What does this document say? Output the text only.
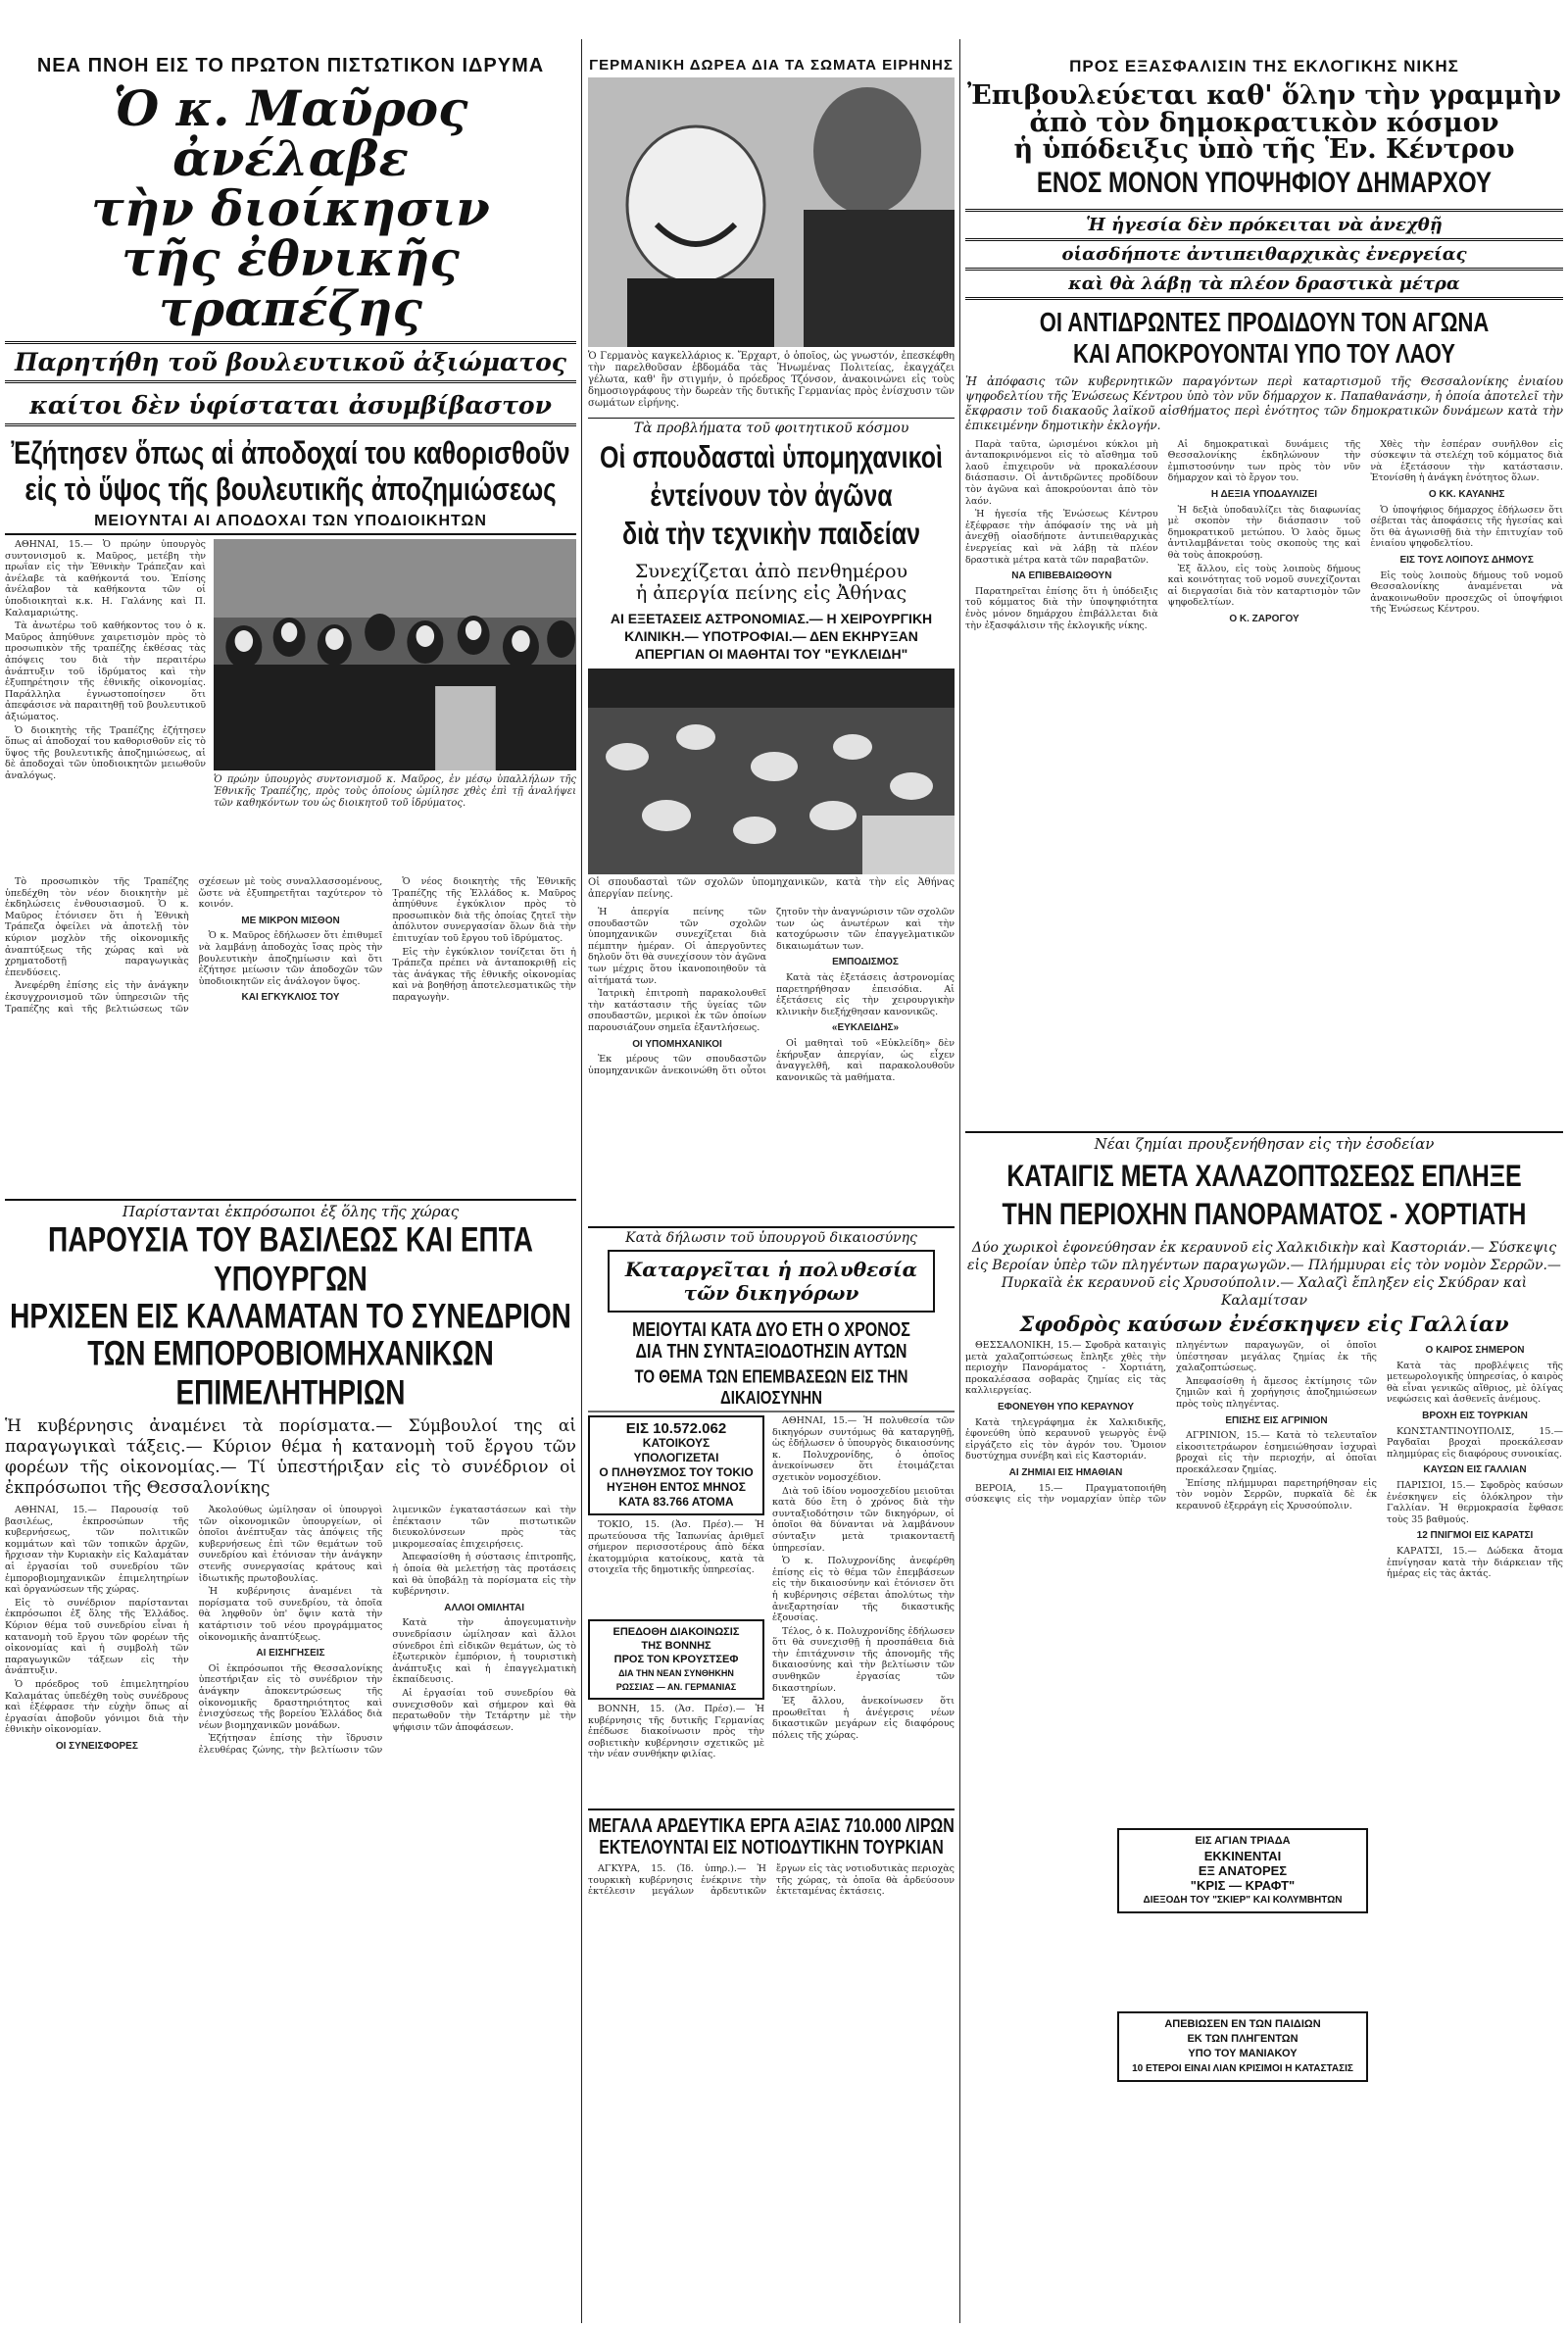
ΝΕΑ ΠΝΟΗ ΕΙΣ ΤΟ ΠΡΩΤΟΝ ΠΙΣΤΩΤΙΚΟΝ ΙΔΡΥΜΑ
Ὁ κ. Μαῦρος ἀνέλαβε
τὴν διοίκησιν
τῆς ἐθνικῆς τραπέζης
Παρητήθη τοῦ βουλευτικοῦ ἀξιώματος
καίτοι δὲν ὑφίσταται ἀσυμβίβαστον
Ἐζήτησεν ὅπως αἱ ἀποδοχαί του καθορισθοῦν
εἰς τὸ ὕψος τῆς βουλευτικῆς ἀποζημιώσεως
ΜΕΙΟΥΝΤΑΙ ΑΙ ΑΠΟΔΟΧΑΙ ΤΩΝ ΥΠΟΔΙΟΙΚΗΤΩΝ

ΑΘΗΝΑΙ, 15.— Ὁ πρώην ὑπουργὸς συντονισμοῦ κ. Μαῦρος, μετέβη τὴν πρωΐαν εἰς τὴν Ἐθνικὴν Τράπεζαν καὶ ἀνέλαβε τὰ καθήκοντά του. Ἐπίσης ἀνέλαβον τὰ καθήκοντα τῶν οἱ ὑποδιοικηταὶ κ.κ. Η. Γαλάνης καὶ Π. Καλαμαριώτης.

Τὰ ἀνωτέρω τοῦ καθήκοντος του ὁ κ. Μαῦρος ἀπηύθυνε χαιρετισμὸν πρὸς τὸ προσωπικὸν τῆς τραπέζης ἐκθέσας τὰς ἀπόψεις του διὰ τὴν περαιτέρω ἀνάπτυξιν τοῦ ἱδρύματος καὶ τὴν ἐξυπηρέτησιν τῆς ἐθνικῆς οἰκονομίας. Παράλληλα ἐγνωστοποίησεν ὅτι ἀπεφάσισε νὰ παραιτηθῇ τοῦ βουλευτικοῦ ἀξιώματος.

Ὁ διοικητὴς τῆς Τραπέζης ἐζήτησεν ὅπως αἱ ἀποδοχαί του καθορισθοῦν εἰς τὸ ὕψος τῆς βουλευτικῆς ἀποζημιώσεως, αἱ δὲ ἀποδοχαὶ τῶν ὑποδιοικητῶν μειωθοῦν ἀναλόγως.	Ὁ πρώην ὑπουργὸς συντονισμοῦ κ. Μαῦρος, ἐν μέσῳ ὑπαλλήλων τῆς Ἐθνικῆς Τραπέζης, πρὸς τοὺς ὁποίους ὡμίλησε χθὲς ἐπὶ τῇ ἀναλήψει τῶν καθηκόντων του ὡς διοικητοῦ τοῦ ἱδρύματος.

Τὸ προσωπικὸν τῆς Τραπέζης ὑπεδέχθη τὸν νέον διοικητὴν μὲ ἐκδηλώσεις ἐνθουσιασμοῦ. Ὁ κ. Μαῦρος ἐτόνισεν ὅτι ἡ Ἐθνικὴ Τράπεζα ὀφείλει νὰ ἀποτελῇ τὸν κύριον μοχλὸν τῆς οἰκονομικῆς ἀναπτύξεως τῆς χώρας καὶ νὰ χρηματοδοτῇ παραγωγικὰς ἐπενδύσεις.

Ἀνεφέρθη ἐπίσης εἰς τὴν ἀνάγκην ἐκσυγχρονισμοῦ τῶν ὑπηρεσιῶν τῆς Τραπέζης καὶ τῆς βελτιώσεως τῶν σχέσεων μὲ τοὺς συναλλασσομένους, ὥστε νὰ ἐξυπηρετῆται ταχύτερον τὸ κοινόν.

ΜΕ ΜΙΚΡΟΝ ΜΙΣΘΟΝ

Ὁ κ. Μαῦρος ἐδήλωσεν ὅτι ἐπιθυμεῖ νὰ λαμβάνῃ ἀποδοχὰς ἴσας πρὸς τὴν βουλευτικὴν ἀποζημίωσιν καὶ ὅτι ἐζήτησε μείωσιν τῶν ἀποδοχῶν τῶν ὑποδιοικητῶν εἰς ἀνάλογον ὕψος.

ΚΑΙ ΕΓΚΥΚΛΙΟΣ ΤΟΥ

Ὁ νέος διοικητὴς τῆς Ἐθνικῆς Τραπέζης τῆς Ἑλλάδος κ. Μαῦρος ἀπηύθυνε ἐγκύκλιον πρὸς τὸ προσωπικὸν διὰ τῆς ὁποίας ζητεῖ τὴν ἀπόλυτον συνεργασίαν ὅλων διὰ τὴν ἐπιτυχίαν τοῦ ἔργου τοῦ ἱδρύματος.

Εἰς τὴν ἐγκύκλιον τονίζεται ὅτι ἡ Τράπεζα πρέπει νὰ ἀνταποκριθῇ εἰς τὰς ἀνάγκας τῆς ἐθνικῆς οἰκονομίας καὶ νὰ βοηθήσῃ ἀποτελεσματικῶς τὴν παραγωγὴν.

Παρίστανται ἐκπρόσωποι ἐξ ὅλης τῆς χώρας
ΠΑΡΟΥΣΙΑ ΤΟΥ ΒΑΣΙΛΕΩΣ ΚΑΙ ΕΠΤΑ ΥΠΟΥΡΓΩΝ
ΗΡΧΙΣΕΝ ΕΙΣ ΚΑΛΑΜΑΤΑΝ ΤΟ ΣΥΝΕΔΡΙΟΝ
ΤΩΝ ΕΜΠΟΡΟΒΙΟΜΗΧΑΝΙΚΩΝ ΕΠΙΜΕΛΗΤΗΡΙΩΝ
Ἡ κυβέρνησις ἀναμένει τὰ πορίσματα.— Σύμβουλοί της αἱ παραγωγικαὶ τάξεις.— Κύριον θέμα ἡ κατανομὴ τοῦ ἔργου τῶν φορέων τῆς οἰκονομίας.— Τί ὑπεστήριξαν εἰς τὸ συνέδριον οἱ ἐκπρόσωποι τῆς Θεσσαλονίκης

ΑΘΗΝΑΙ, 15.— Παρουσίᾳ τοῦ βασιλέως, ἐκπροσώπων τῆς κυβερνήσεως, τῶν πολιτικῶν κομμάτων καὶ τῶν τοπικῶν ἀρχῶν, ἤρχισαν τὴν Κυριακὴν εἰς Καλαμάταν αἱ ἐργασίαι τοῦ συνεδρίου τῶν ἐμποροβιομηχανικῶν ἐπιμελητηρίων καὶ ὀργανώσεων τῆς χώρας.

Εἰς τὸ συνέδριον παρίστανται ἐκπρόσωποι ἐξ ὅλης τῆς Ἑλλάδος. Κύριον θέμα τοῦ συνεδρίου εἶναι ἡ κατανομὴ τοῦ ἔργου τῶν φορέων τῆς οἰκονομίας καὶ ἡ συμβολὴ τῶν παραγωγικῶν τάξεων εἰς τὴν ἀνάπτυξιν.

Ὁ πρόεδρος τοῦ ἐπιμελητηρίου Καλαμάτας ὑπεδέχθη τοὺς συνέδρους καὶ ἐξέφρασε τὴν εὐχὴν ὅπως αἱ ἐργασίαι ἀποβοῦν γόνιμοι διὰ τὴν ἐθνικὴν οἰκονομίαν.

ΟΙ ΣΥΝΕΙΣΦΟΡΕΣ

Ἀκολούθως ὡμίλησαν οἱ ὑπουργοὶ τῶν οἰκονομικῶν ὑπουργείων, οἱ ὁποῖοι ἀνέπτυξαν τὰς ἀπόψεις τῆς κυβερνήσεως ἐπὶ τῶν θεμάτων τοῦ συνεδρίου καὶ ἐτόνισαν τὴν ἀνάγκην στενῆς συνεργασίας κράτους καὶ ἰδιωτικῆς πρωτοβουλίας.

Ἡ κυβέρνησις ἀναμένει τὰ πορίσματα τοῦ συνεδρίου, τὰ ὁποῖα θὰ ληφθοῦν ὑπ' ὄψιν κατὰ τὴν κατάρτισιν τοῦ νέου προγράμματος οἰκονομικῆς ἀναπτύξεως.

ΑΙ ΕΙΣΗΓΗΣΕΙΣ

Οἱ ἐκπρόσωποι τῆς Θεσσαλονίκης ὑπεστήριξαν εἰς τὸ συνέδριον τὴν ἀνάγκην ἀποκεντρώσεως τῆς οἰκονομικῆς δραστηριότητος καὶ ἐνισχύσεως τῆς βορείου Ἑλλάδος διὰ νέων βιομηχανικῶν μονάδων.

Ἐζήτησαν ἐπίσης τὴν ἵδρυσιν ἐλευθέρας ζώνης, τὴν βελτίωσιν τῶν λιμενικῶν ἐγκαταστάσεων καὶ τὴν ἐπέκτασιν τῶν πιστωτικῶν διευκολύνσεων πρὸς τὰς μικρομεσαίας ἐπιχειρήσεις.

Ἀπεφασίσθη ἡ σύστασις ἐπιτροπῆς, ἡ ὁποία θὰ μελετήσῃ τὰς προτάσεις καὶ θὰ ὑποβάλῃ τὰ πορίσματα εἰς τὴν κυβέρνησιν.

ΑΛΛΟΙ ΟΜΙΛΗΤΑΙ

Κατὰ τὴν ἀπογευματινὴν συνεδρίασιν ὡμίλησαν καὶ ἄλλοι σύνεδροι ἐπὶ εἰδικῶν θεμάτων, ὡς τὸ ἐξωτερικὸν ἐμπόριον, ἡ τουριστικὴ ἀνάπτυξις καὶ ἡ ἐπαγγελματικὴ ἐκπαίδευσις.

Αἱ ἐργασίαι τοῦ συνεδρίου θὰ συνεχισθοῦν καὶ σήμερον καὶ θὰ περατωθοῦν τὴν Τετάρτην μὲ τὴν ψήφισιν τῶν ἀποφάσεων.

ΓΕΡΜΑΝΙΚΗ ΔΩΡΕΑ ΔΙΑ ΤΑ ΣΩΜΑΤΑ ΕΙΡΗΝΗΣ
Ὁ Γερμανὸς καγκελλάριος κ. Ἔρχαρτ, ὁ ὁποῖος, ὡς γνωστόν, ἐπεσκέφθη τὴν παρελθοῦσαν ἑβδομάδα τὰς Ἡνωμένας Πολιτείας, ἐκαγχάζει γέλωτα, καθ' ἣν στιγμήν, ὁ πρόεδρος Τζόνσον, ἀνακοινώνει εἰς τοὺς δημοσιογράφους τὴν δωρεὰν τῆς δυτικῆς Γερμανίας πρὸς ἐνίσχυσιν τῶν σωμάτων εἰρήνης.
Τὰ προβλήματα τοῦ φοιτητικοῦ κόσμου
Οἱ σπουδασταὶ ὑπομηχανικοὶ
ἐντείνουν τὸν ἀγῶνα
διὰ τὴν τεχνικὴν παιδείαν
Συνεχίζεται ἀπὸ πενθημέρου
ἡ ἀπεργία πείνης εἰς Ἀθήνας
ΑΙ ΕΞΕΤΑΣΕΙΣ ΑΣΤΡΟΝΟΜΙΑΣ.— Η ΧΕΙΡΟΥΡΓΙΚΗ ΚΛΙΝΙΚΗ.— ΥΠΟΤΡΟΦΙΑΙ.— ΔΕΝ ΕΚΗΡΥΞΑΝ ΑΠΕΡΓΙΑΝ ΟΙ ΜΑΘΗΤΑΙ ΤΟΥ "ΕΥΚΛΕΙΔΗ"
Οἱ σπουδασταὶ τῶν σχολῶν ὑπομηχανικῶν, κατὰ τὴν εἰς Ἀθήνας ἀπεργίαν πείνης.

Ἡ ἀπεργία πείνης τῶν σπουδαστῶν τῶν σχολῶν ὑπομηχανικῶν συνεχίζεται διὰ πέμπτην ἡμέραν. Οἱ ἀπεργοῦντες δηλοῦν ὅτι θὰ συνεχίσουν τὸν ἀγῶνα των μέχρις ὅτου ἱκανοποιηθοῦν τὰ αἰτήματά των.

Ἰατρικὴ ἐπιτροπὴ παρακολουθεῖ τὴν κατάστασιν τῆς ὑγείας τῶν σπουδαστῶν, μερικοὶ ἐκ τῶν ὁποίων παρουσιάζουν σημεῖα ἐξαντλήσεως.

ΟΙ ΥΠΟΜΗΧΑΝΙΚΟΙ

Ἐκ μέρους τῶν σπουδαστῶν ὑπομηχανικῶν ἀνεκοινώθη ὅτι οὗτοι ζητοῦν τὴν ἀναγνώρισιν τῶν σχολῶν των ὡς ἀνωτέρων καὶ τὴν κατοχύρωσιν τῶν ἐπαγγελματικῶν δικαιωμάτων των.

ΕΜΠΟΔΙΣΜΟΣ

Κατὰ τὰς ἐξετάσεις ἀστρονομίας παρετηρήθησαν ἐπεισόδια. Αἱ ἐξετάσεις εἰς τὴν χειρουργικὴν κλινικὴν διεξήχθησαν κανονικῶς.

«ΕΥΚΛΕΙΔΗΣ»

Οἱ μαθηταὶ τοῦ «Εὐκλείδη» δὲν ἐκήρυξαν ἀπεργίαν, ὡς εἶχεν ἀναγγελθῆ, καὶ παρακολουθοῦν κανονικῶς τὰ μαθήματα.

Κατὰ δήλωσιν τοῦ ὑπουργοῦ δικαιοσύνης
Καταργεῖται ἡ πολυθεσία τῶν δικηγόρων
ΜΕΙΟΥΤΑΙ ΚΑΤΑ ΔΥΟ ΕΤΗ Ο ΧΡΟΝΟΣ
ΔΙΑ ΤΗΝ ΣΥΝΤΑΞΙΟΔΟΤΗΣΙΝ ΑΥΤΩΝ
ΤΟ ΘΕΜΑ ΤΩΝ ΕΠΕΜΒΑΣΕΩΝ ΕΙΣ ΤΗΝ ΔΙΚΑΙΟΣΥΝΗΝ
ΕΙΣ 10.572.062
ΚΑΤΟΙΚΟΥΣ
ΥΠΟΛΟΓΙΖΕΤΑΙ
Ο ΠΛΗΘΥΣΜΟΣ ΤΟΥ ΤΟΚΙΟ
ΗΥΞΗΘΗ ΕΝΤΟΣ ΜΗΝΟΣ
ΚΑΤΑ 83.766 ΑΤΟΜΑ

ΤΟΚΙΟ, 15. (Ἀσ. Πρέσ).— Ἡ πρωτεύουσα τῆς Ἰαπωνίας ἀριθμεῖ σήμερον περισσοτέρους ἀπὸ δέκα ἑκατομμύρια κατοίκους, κατὰ τὰ στοιχεῖα τῆς δημοτικῆς ὑπηρεσίας.

ΕΠΕΔΟΘΗ ΔΙΑΚΟΙΝΩΣΙΣ
ΤΗΣ ΒΟΝΝΗΣ
ΠΡΟΣ ΤΟΝ ΚΡΟΥΣΤΣΕΦ
ΔΙΑ ΤΗΝ ΝΕΑΝ ΣΥΝΘΗΚΗΝ
ΡΩΣΣΙΑΣ — ΑΝ. ΓΕΡΜΑΝΙΑΣ

ΒΟΝΝΗ, 15. (Ἀσ. Πρέσ).— Ἡ κυβέρνησις τῆς δυτικῆς Γερμανίας ἐπέδωσε διακοίνωσιν πρὸς τὴν σοβιετικὴν κυβέρνησιν σχετικῶς μὲ τὴν νέαν συνθήκην φιλίας.

ΑΘΗΝΑΙ, 15.— Ἡ πολυθεσία τῶν δικηγόρων συντόμως θὰ καταργηθῇ, ὡς ἐδήλωσεν ὁ ὑπουργὸς δικαιοσύνης κ. Πολυχρονίδης, ὁ ὁποῖος ἀνεκοίνωσεν ὅτι ἑτοιμάζεται σχετικὸν νομοσχέδιον.

Διὰ τοῦ ἰδίου νομοσχεδίου μειοῦται κατὰ δύο ἔτη ὁ χρόνος διὰ τὴν συνταξιοδότησιν τῶν δικηγόρων, οἱ ὁποῖοι θὰ δύνανται νὰ λαμβάνουν σύνταξιν μετὰ τριακονταετῆ ὑπηρεσίαν.

Ὁ κ. Πολυχρονίδης ἀνεφέρθη ἐπίσης εἰς τὸ θέμα τῶν ἐπεμβάσεων εἰς τὴν δικαιοσύνην καὶ ἐτόνισεν ὅτι ἡ κυβέρνησις σέβεται ἀπολύτως τὴν ἀνεξαρτησίαν τῆς δικαστικῆς ἐξουσίας.

Τέλος, ὁ κ. Πολυχρονίδης ἐδήλωσεν ὅτι θὰ συνεχισθῇ ἡ προσπάθεια διὰ τὴν ἐπιτάχυνσιν τῆς ἀπονομῆς τῆς δικαιοσύνης καὶ τὴν βελτίωσιν τῶν συνθηκῶν ἐργασίας τῶν δικαστηρίων.

Ἐξ ἄλλου, ἀνεκοίνωσεν ὅτι προωθεῖται ἡ ἀνέγερσις νέων δικαστικῶν μεγάρων εἰς διαφόρους πόλεις τῆς χώρας.

ΜΕΓΑΛΑ ΑΡΔΕΥΤΙΚΑ ΕΡΓΑ ΑΞΙΑΣ 710.000 ΛΙΡΩΝ
ΕΚΤΕΛΟΥΝΤΑΙ ΕΙΣ ΝΟΤΙΟΔΥΤΙΚΗΝ ΤΟΥΡΚΙΑΝ

ΑΓΚΥΡΑ, 15. (Ἰδ. ὑπηρ.).— Ἡ τουρκικὴ κυβέρνησις ἐνέκρινε τὴν ἐκτέλεσιν μεγάλων ἀρδευτικῶν ἔργων εἰς τὰς νοτιοδυτικὰς περιοχὰς τῆς χώρας, τὰ ὁποῖα θὰ ἀρδεύσουν ἐκτεταμένας ἐκτάσεις.

ΠΡΟΣ ΕΞΑΣΦΑΛΙΣΙΝ ΤΗΣ ΕΚΛΟΓΙΚΗΣ ΝΙΚΗΣ
Ἐπιβουλεύεται καθ' ὅλην τὴν γραμμὴν
ἀπὸ τὸν δημοκρατικὸν κόσμον
ἡ ὑπόδειξις ὑπὸ τῆς Ἑν. Κέντρου
ΕΝΟΣ ΜΟΝΟΝ ΥΠΟΨΗΦΙΟΥ ΔΗΜΑΡΧΟΥ
Ἡ ἡγεσία δὲν πρόκειται νὰ ἀνεχθῇ
οἱασδήποτε ἀντιπειθαρχικὰς ἐνεργείας
καὶ θὰ λάβῃ τὰ πλέον δραστικὰ μέτρα
ΟΙ ΑΝΤΙΔΡΩΝΤΕΣ ΠΡΟΔΙΔΟΥΝ ΤΟΝ ΑΓΩΝΑ
ΚΑΙ ΑΠΟΚΡΟΥΟΝΤΑΙ ΥΠΟ ΤΟΥ ΛΑΟΥ
Ἡ ἀπόφασις τῶν κυβερνητικῶν παραγόντων περὶ καταρτισμοῦ τῆς Θεσσαλονίκης ἐνιαίου ψηφοδελτίου τῆς Ἑνώσεως Κέντρου ὑπὸ τὸν νῦν δήμαρχον κ. Παπαθανάσην, ἡ ὁποία ἀποτελεῖ τὴν ἔκφρασιν τοῦ διακαοῦς λαϊκοῦ αἰσθήματος περὶ ἑνότητος τῶν δημοκρατικῶν δυνάμεων κατὰ τὴν ἐπικειμένην δημοτικὴν ἐκλογήν.

Παρὰ ταῦτα, ὡρισμένοι κύκλοι μὴ ἀνταποκρινόμενοι εἰς τὸ αἴσθημα τοῦ λαοῦ ἐπιχειροῦν νὰ προκαλέσουν διάσπασιν. Οἱ ἀντιδρῶντες προδίδουν τὸν ἀγῶνα καὶ ἀποκρούονται ἀπὸ τὸν λαόν.

Ἡ ἡγεσία τῆς Ἑνώσεως Κέντρου ἐξέφρασε τὴν ἀπόφασίν της νὰ μὴ ἀνεχθῇ οἱασδήποτε ἀντιπειθαρχικὰς ἐνεργείας καὶ νὰ λάβῃ τὰ πλέον δραστικὰ μέτρα κατὰ τῶν παραβατῶν.

ΝΑ ΕΠΙΒΕΒΑΙΩΘΟΥΝ

Παρατηρεῖται ἐπίσης ὅτι ἡ ὑπόδειξις τοῦ κόμματος διὰ τὴν ὑποψηφιότητα ἑνὸς μόνον δημάρχου ἐπιβάλλεται διὰ τὴν ἐξασφάλισιν τῆς ἐκλογικῆς νίκης.

Αἱ δημοκρατικαὶ δυνάμεις τῆς Θεσσαλονίκης ἐκδηλώνουν τὴν ἐμπιστοσύνην των πρὸς τὸν νῦν δήμαρχον καὶ τὸ ἔργον του.

Η ΔΕΞΙΑ ΥΠΟΔΑΥΛΙΖΕΙ

Ἡ δεξιὰ ὑποδαυλίζει τὰς διαφωνίας μὲ σκοπὸν τὴν διάσπασιν τοῦ δημοκρατικοῦ μετώπου. Ὁ λαὸς ὅμως ἀντιλαμβάνεται τοὺς σκοποὺς της καὶ θὰ τοὺς ἀποκρούσῃ.

Ἐξ ἄλλου, εἰς τοὺς λοιποὺς δήμους καὶ κοινότητας τοῦ νομοῦ συνεχίζονται αἱ διεργασίαι διὰ τὸν καταρτισμὸν τῶν ψηφοδελτίων.

Ο Κ. ΖΑΡΟΓΟΥ

Χθὲς τὴν ἑσπέραν συνῆλθον εἰς σύσκεψιν τὰ στελέχη τοῦ κόμματος διὰ νὰ ἐξετάσουν τὴν κατάστασιν. Ἐτονίσθη ἡ ἀνάγκη ἑνότητος ὅλων.

Ο ΚΚ. ΚΑΥΑΝΗΣ

Ὁ ὑποψήφιος δήμαρχος ἐδήλωσεν ὅτι σέβεται τὰς ἀποφάσεις τῆς ἡγεσίας καὶ ὅτι θὰ ἀγωνισθῇ διὰ τὴν ἐπιτυχίαν τοῦ ἑνιαίου ψηφοδελτίου.

ΕΙΣ ΤΟΥΣ ΛΟΙΠΟΥΣ ΔΗΜΟΥΣ

Εἰς τοὺς λοιποὺς δήμους τοῦ νομοῦ Θεσσαλονίκης ἀναμένεται νὰ ἀνακοινωθοῦν προσεχῶς οἱ ὑποψήφιοι τῆς Ἑνώσεως Κέντρου.

Νέαι ζημίαι προυξενήθησαν εἰς τὴν ἐσοδείαν
ΚΑΤΑΙΓΙΣ ΜΕΤΑ ΧΑΛΑΖΟΠΤΩΣΕΩΣ ΕΠΛΗΞΕ
ΤΗΝ ΠΕΡΙΟΧΗΝ ΠΑΝΟΡΑΜΑΤΟΣ - ΧΟΡΤΙΑΤΗ
Δύο χωρικοὶ ἐφονεύθησαν ἐκ κεραυνοῦ εἰς Χαλκιδικὴν καὶ Καστοριάν.— Σύσκεψις εἰς Βεροίαν ὑπὲρ τῶν πληγέντων παραγωγῶν.— Πλήμμυραι εἰς τὸν νομὸν Σερρῶν.— Πυρκαϊὰ ἐκ κεραυνοῦ εἰς Χρυσούπολιν.— Χαλαζὶ ἔπληξεν εἰς Σκύδραν καὶ Καλαμίτσαν
Σφοδρὸς καύσων ἐνέσκηψεν εἰς Γαλλίαν

ΘΕΣΣΑΛΟΝΙΚΗ, 15.— Σφοδρὰ καταιγὶς μετὰ χαλαζοπτώσεως ἔπληξε χθὲς τὴν περιοχὴν Πανοράματος - Χορτιάτη, προκαλέσασα σοβαρὰς ζημίας εἰς τὰς καλλιεργείας.

ΕΦΟΝΕΥΘΗ ΥΠΟ ΚΕΡΑΥΝΟΥ

Κατὰ τηλεγράφημα ἐκ Χαλκιδικῆς, ἐφονεύθη ὑπὸ κεραυνοῦ γεωργὸς ἐνῷ εἰργάζετο εἰς τὸν ἀγρόν του. Ὅμοιον δυστύχημα συνέβη καὶ εἰς Καστοριάν.

ΑΙ ΖΗΜΙΑΙ ΕΙΣ ΗΜΑΘΙΑΝ

ΒΕΡΟΙΑ, 15.— Πραγματοποιήθη σύσκεψις εἰς τὴν νομαρχίαν ὑπὲρ τῶν πληγέντων παραγωγῶν, οἱ ὁποῖοι ὑπέστησαν μεγάλας ζημίας ἐκ τῆς χαλαζοπτώσεως.

Ἀπεφασίσθη ἡ ἄμεσος ἐκτίμησις τῶν ζημιῶν καὶ ἡ χορήγησις ἀποζημιώσεων πρὸς τοὺς πληγέντας.

ΕΠΙΣΗΣ ΕΙΣ ΑΓΡΙΝΙΟΝ

ΑΓΡΙΝΙΟΝ, 15.— Κατὰ τὸ τελευταῖον εἰκοσιτετράωρον ἐσημειώθησαν ἰσχυραὶ βροχαὶ εἰς τὴν περιοχήν, αἱ ὁποῖαι προεκάλεσαν ζημίας.

Ἐπίσης πλήμμυραι παρετηρήθησαν εἰς τὸν νομὸν Σερρῶν, πυρκαϊὰ δὲ ἐκ κεραυνοῦ ἐξερράγη εἰς Χρυσούπολιν.

Ο ΚΑΙΡΟΣ ΣΗΜΕΡΟΝ

Κατὰ τὰς προβλέψεις τῆς μετεωρολογικῆς ὑπηρεσίας, ὁ καιρὸς θὰ εἶναι γενικῶς αἴθριος, μὲ ὀλίγας νεφώσεις καὶ ἀσθενεῖς ἀνέμους.

ΒΡΟΧΗ ΕΙΣ ΤΟΥΡΚΙΑΝ

ΚΩΝΣΤΑΝΤΙΝΟΥΠΟΛΙΣ, 15.— Ραγδαῖαι βροχαὶ προεκάλεσαν πλημμύρας εἰς διαφόρους συνοικίας.

ΚΑΥΣΩΝ ΕΙΣ ΓΑΛΛΙΑΝ

ΠΑΡΙΣΙΟΙ, 15.— Σφοδρὸς καύσων ἐνέσκηψεν εἰς ὁλόκληρον τὴν Γαλλίαν. Ἡ θερμοκρασία ἔφθασε τοὺς 35 βαθμούς.

12 ΠΝΙΓΜΟΙ ΕΙΣ ΚΑΡΑΤΣΙ

ΚΑΡΑΤΣΙ, 15.— Δώδεκα ἄτομα ἐπνίγησαν κατὰ τὴν διάρκειαν τῆς ἡμέρας εἰς τὰς ἀκτάς.

ΕΙΣ ΑΓΙΑΝ ΤΡΙΑΔΑ
ΕΚΚΙΝΕΝΤΑΙ
ΕΞ ΑΝΑΤΟΡΕΣ
"ΚΡΙΣ — ΚΡΑΦΤ"
ΔΙΕΞΟΔΗ ΤΟΥ "ΣΚΙΕΡ" ΚΑΙ ΚΟΛΥΜΒΗΤΩΝ
ΑΠΕΒΙΩΣΕΝ ΕΝ ΤΩΝ ΠΑΙΔΙΩΝ
ΕΚ ΤΩΝ ΠΛΗΓΕΝΤΩΝ
ΥΠΟ ΤΟΥ ΜΑΝΙΑΚΟΥ
10 ΕΤΕΡΟΙ ΕΙΝΑΙ ΛΙΑΝ ΚΡΙΣΙΜΟΙ Η ΚΑΤΑΣΤΑΣΙΣ
